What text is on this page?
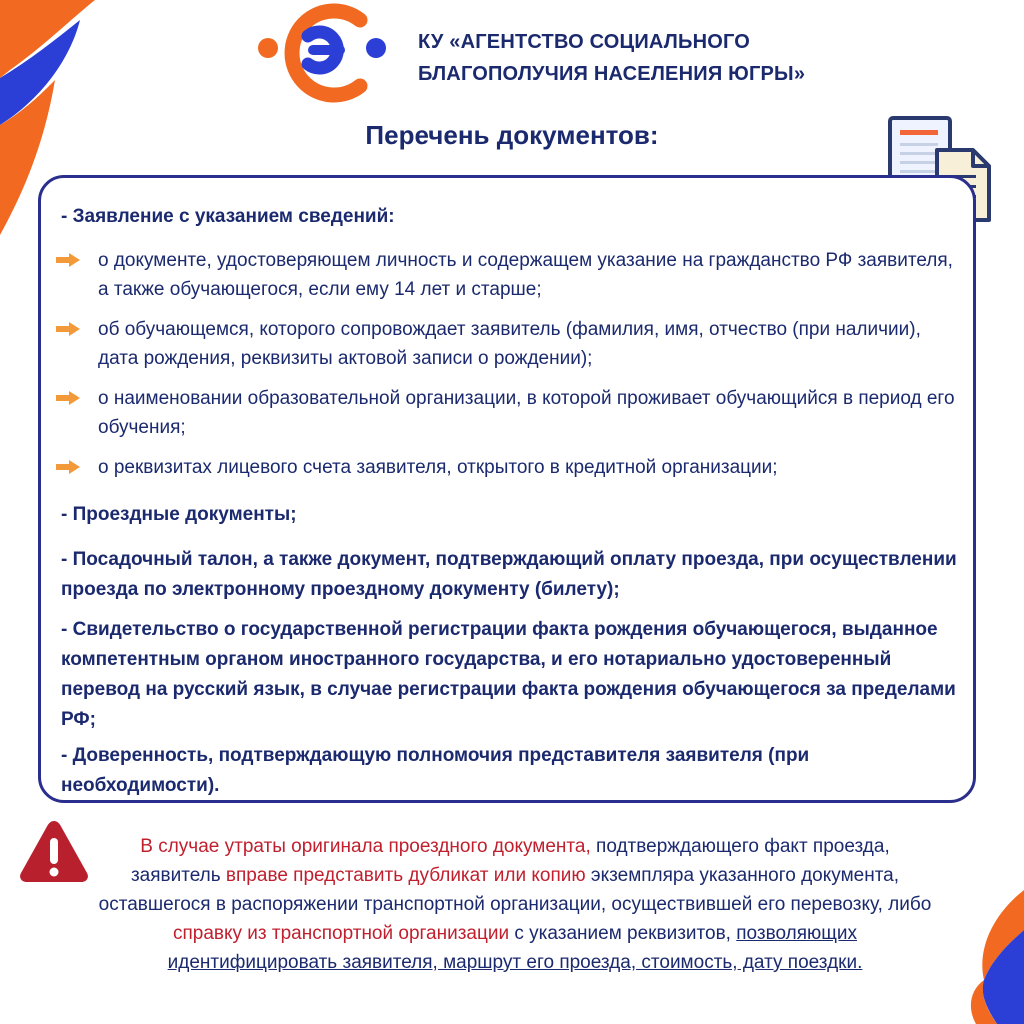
КУ «АГЕНТСТВО СОЦИАЛЬНОГО
БЛАГОПОЛУЧИЯ НАСЕЛЕНИЯ ЮГРЫ»
Перечень документов:

- Заявление с указанием сведений:

о документе, удостоверяющем личность и содержащем указание на гражданство РФ заявителя, а также обучающегося, если ему 14 лет и старше;
об обучающемся, которого сопровождает заявитель (фамилия, имя, отчество (при наличии), дата рождения, реквизиты актовой записи о рождении);
о наименовании образовательной организации, в которой проживает обучающийся в период его обучения;
о реквизитах лицевого счета заявителя, открытого в кредитной организации;

- Проездные документы;

- Посадочный талон, а также документ, подтверждающий оплату проезда, при осуществлении проезда по электронному проездному документу (билету);

- Свидетельство о государственной регистрации факта рождения обучающегося, выданное компетентным органом иностранного государства, и его нотариально удостоверенный перевод на русский язык, в случае регистрации факта рождения обучающегося за пределами РФ;

- Доверенность, подтверждающую полномочия представителя заявителя (при необходимости).

В случае утраты оригинала проездного документа, подтверждающего факт проезда, заявитель вправе представить дубликат или копию экземпляра указанного документа, оставшегося в распоряжении транспортной организации, осуществившей его перевозку, либо справку из транспортной организации с указанием реквизитов, позволяющих идентифицировать заявителя, маршрут его проезда, стоимость, дату поездки.
